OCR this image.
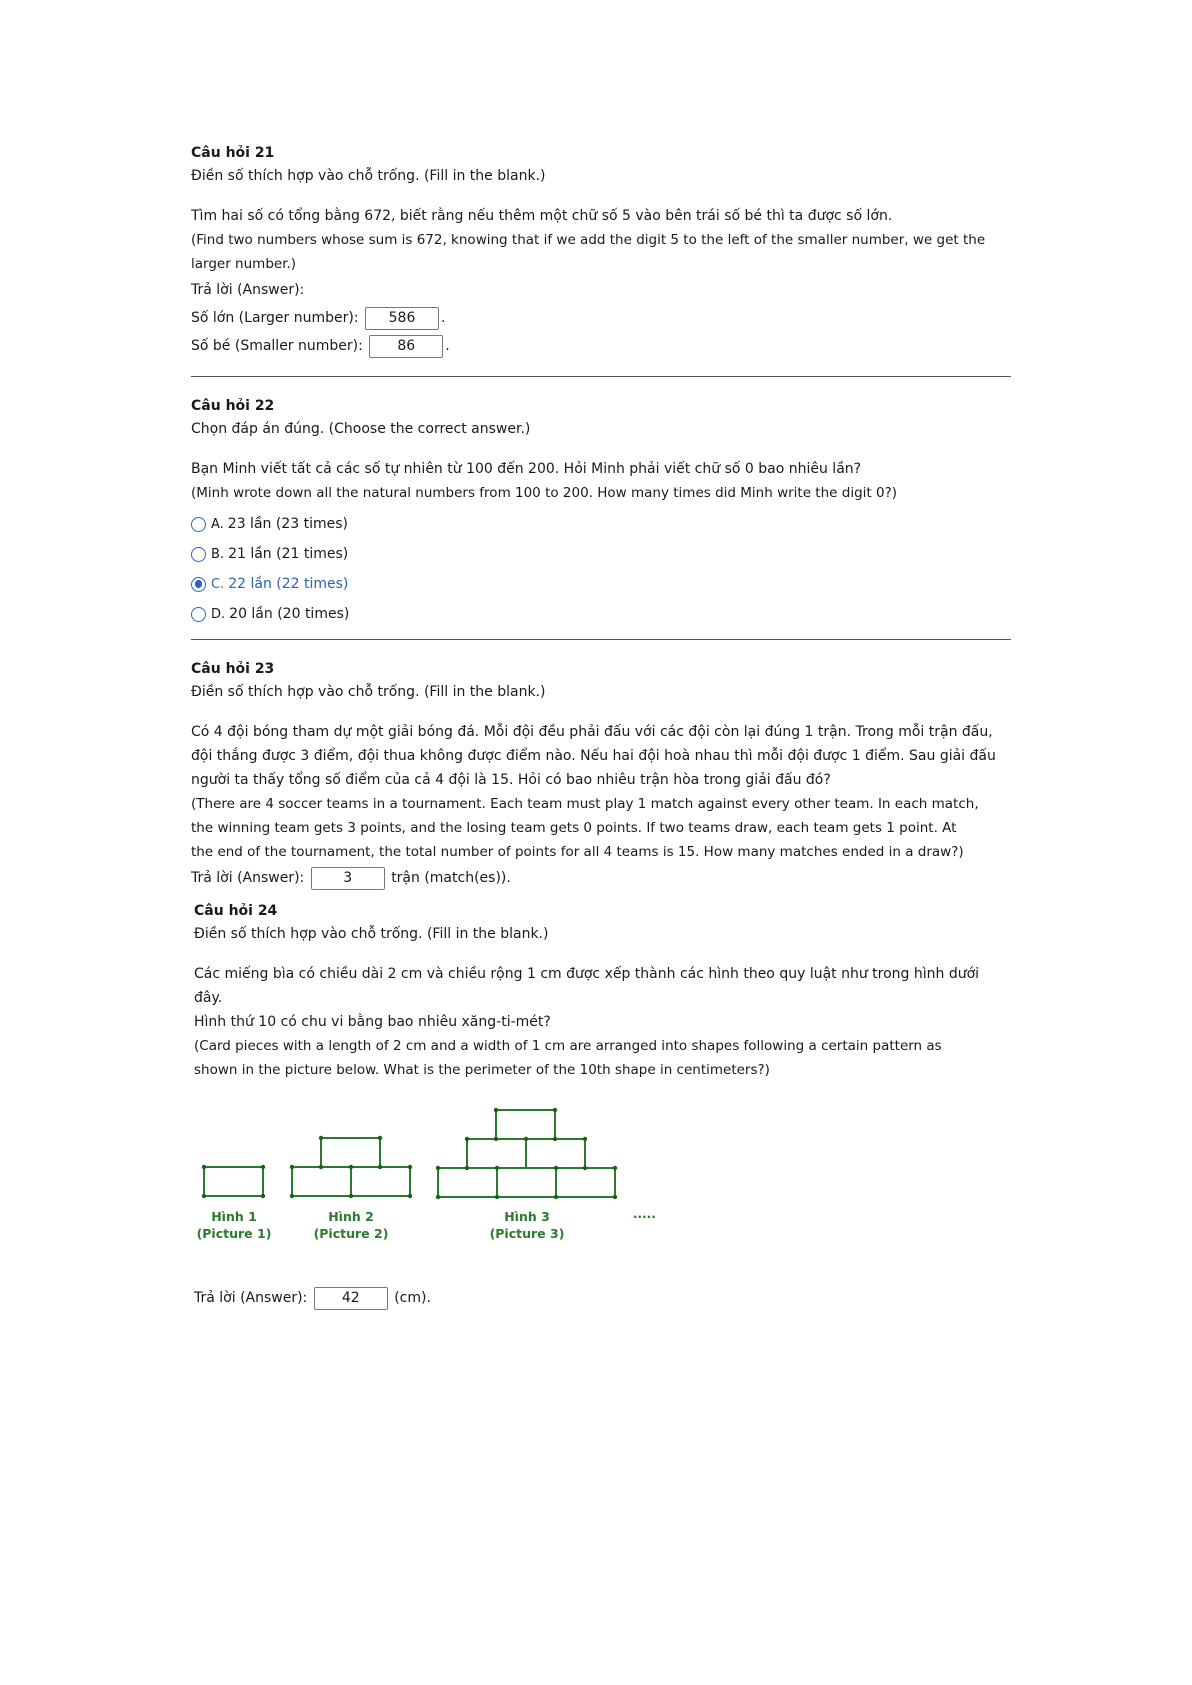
Câu hỏi 21
Điền số thích hợp vào chỗ trống. (Fill in the blank.)
Tìm hai số có tổng bằng 672, biết rằng nếu thêm một chữ số 5 vào bên trái số bé thì ta được số lớn.
(Find two numbers whose sum is 672, knowing that if we add the digit 5 to the left of the smaller number, we get the larger number.)
Trả lời (Answer):
Số lớn (Larger number): 586 .
Số bé (Smaller number): 86 .
Câu hỏi 22
Chọn đáp án đúng. (Choose the correct answer.)
Bạn Minh viết tất cả các số tự nhiên từ 100 đến 200. Hỏi Minh phải viết chữ số 0 bao nhiêu lần?
(Minh wrote down all the natural numbers from 100 to 200. How many times did Minh write the digit 0?)
A. 23 lần (23 times)
B. 21 lần (21 times)
C. 22 lần (22 times)
D. 20 lần (20 times)
Câu hỏi 23
Điền số thích hợp vào chỗ trống. (Fill in the blank.)
Có 4 đội bóng tham dự một giải bóng đá. Mỗi đội đều phải đấu với các đội còn lại đúng 1 trận. Trong mỗi trận đấu,
đội thắng được 3 điểm, đội thua không được điểm nào. Nếu hai đội hoà nhau thì mỗi đội được 1 điểm. Sau giải đấu
người ta thấy tổng số điểm của cả 4 đội là 15. Hỏi có bao nhiêu trận hòa trong giải đấu đó?
(There are 4 soccer teams in a tournament. Each team must play 1 match against every other team. In each match,
the winning team gets 3 points, and the losing team gets 0 points. If two teams draw, each team gets 1 point. At
the end of the tournament, the total number of points for all 4 teams is 15. How many matches ended in a draw?)
Trả lời (Answer):	3	trận (match(es)).
Câu hỏi 24
Điền số thích hợp vào chỗ trống. (Fill in the blank.)
Các miếng bìa có chiều dài 2 cm và chiều rộng 1 cm được xếp thành các hình theo quy luật như trong hình dưới đây.
Hình thứ 10 có chu vi bằng bao nhiêu xăng-ti-mét?
(Card pieces with a length of 2 cm and a width of 1 cm are arranged into shapes following a certain pattern as
shown in the picture below. What is the perimeter of the 10th shape in centimeters?)
Hình 1
(Picture 1)
Hình 2
(Picture 2)
Hình 3
(Picture 3)
.....
Trả lời (Answer): 42 (cm).
